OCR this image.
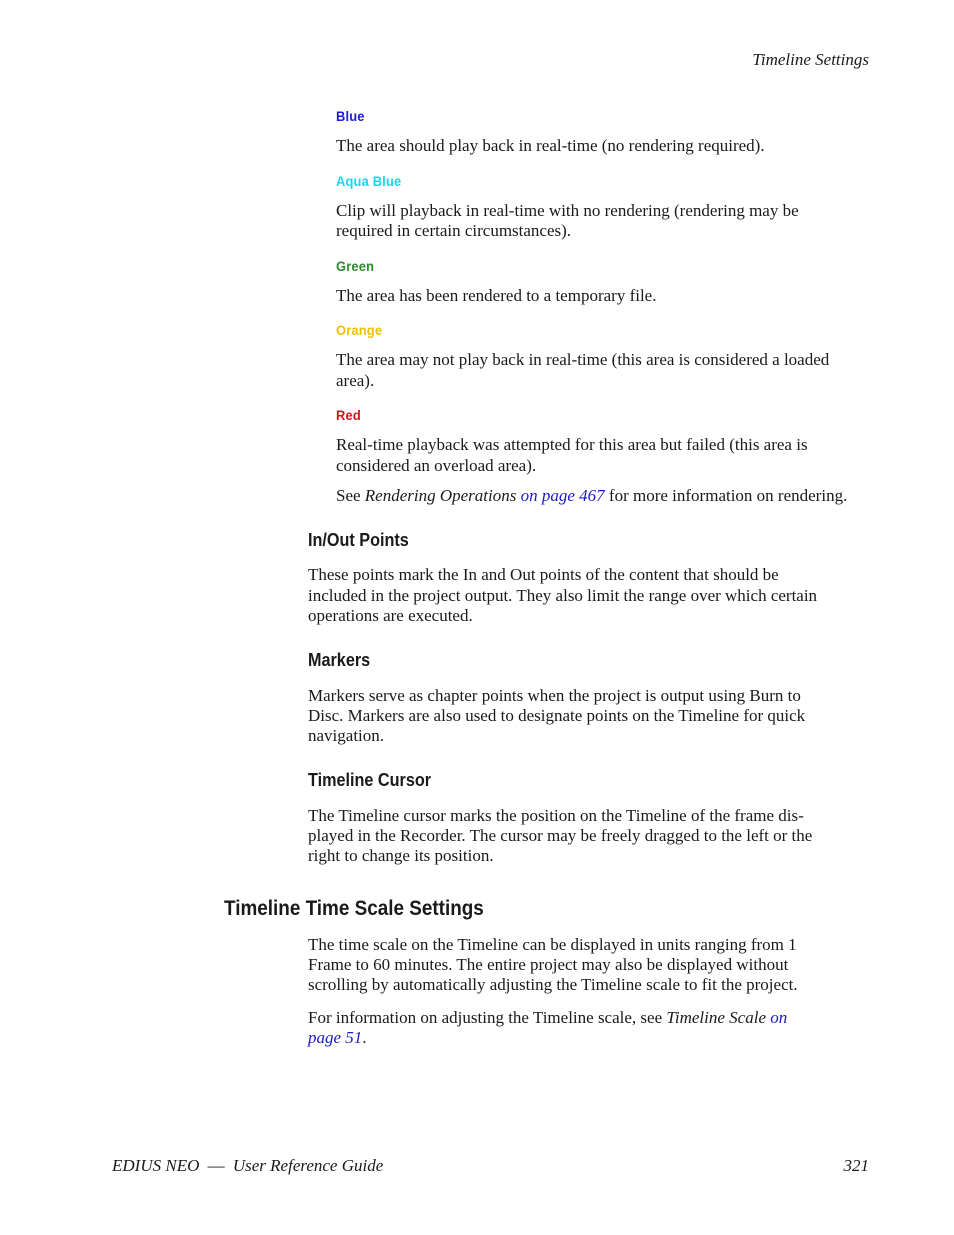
Timeline Settings
Blue
The area should play back in real-time (no rendering required).
Aqua Blue
Clip will playback in real-time with no rendering (rendering may be
required in certain circumstances).
Green
The area has been rendered to a temporary file.
Orange
The area may not play back in real-time (this area is considered a loaded
area).
Red
Real-time playback was attempted for this area but failed (this area is
considered an overload area).
See Rendering Operations on page 467 for more information on rendering.
In/Out Points
These points mark the In and Out points of the content that should be
included in the project output. They also limit the range over which certain
operations are executed.
Markers
Markers serve as chapter points when the project is output using Burn to
Disc. Markers are also used to designate points on the Timeline for quick
navigation.
Timeline Cursor
The Timeline cursor marks the position on the Timeline of the frame dis-
played in the Recorder. The cursor may be freely dragged to the left or the
right to change its position.
Timeline Time Scale Settings
The time scale on the Timeline can be displayed in units ranging from 1
Frame to 60 minutes. The entire project may also be displayed without
scrolling by automatically adjusting the Timeline scale to fit the project.
For information on adjusting the Timeline scale, see Timeline Scale on
page 51.
EDIUS NEO — User Reference Guide	321
